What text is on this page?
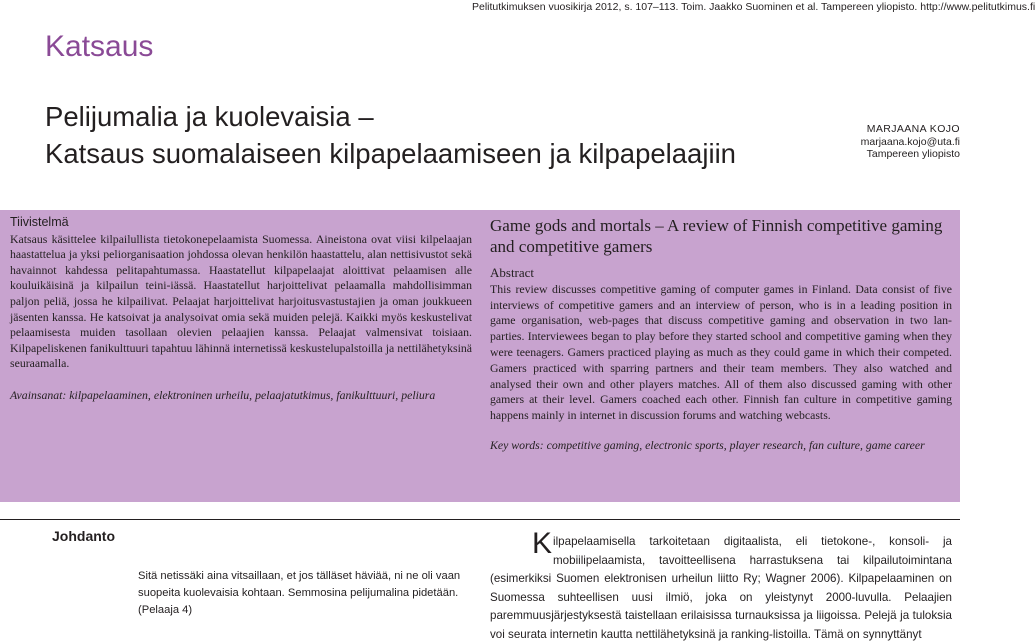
Pelitutkimuksen vuosikirja 2012, s. 107–113. Toim. Jaakko Suominen et al. Tampereen yliopisto. http://www.pelitutkimus.fi
Katsaus
Pelijumalia ja kuolevaisia –
Katsaus suomalaiseen kilpapelaamiseen ja kilpapelaajiin
MARJAANA KOJO
marjaana.kojo@uta.fi
Tampereen yliopisto
Tiivistelmä
Katsaus käsittelee kilpailullista tietokonepelaamista Suomessa. Aineistona ovat viisi kilpelaajan haastattelua ja yksi peliorganisaation johdossa olevan henkilön haastattelu, alan nettisivustot sekä havainnot kahdessa pelitapahtumassa. Haastatellut kilpapelaajat aloittivat pelaamisen alle kouluikäisinä ja kilpailun teini-iässä. Haastatellut harjoittelivat pelaamalla mahdollisimman paljon peliä, jossa he kilpailivat. Pelaajat harjoittelivat harjoitusvastustajien ja oman joukkueen jäsenten kanssa. He katsoivat ja analysoivat omia sekä muiden pelejä. Kaikki myös keskustelivat pelaamisesta muiden tasollaan olevien pelaajien kanssa. Pelaajat valmensivat toisiaan. Kilpapeliskenen fanikulttuuri tapahtuu lähinnä internetissä keskustelupalstoilla ja nettilähetyksinä seuraamalla.
Avainsanat: kilpapelaaminen, elektroninen urheilu, pelaajatutkimus, fanikulttuuri, peliura
Game gods and mortals – A review of Finnish competitive gaming and competitive gamers
Abstract
This review discusses competitive gaming of computer games in Finland. Data consist of five interviews of competitive gamers and an interview of person, who is in a leading position in game organisation, web-pages that discuss competitive gaming and observation in two lan-parties. Interviewees began to play before they started school and competitive gaming when they were teenagers. Gamers practiced playing as much as they could game in which their competed. Gamers practiced with sparring partners and their team members. They also watched and analysed their own and other players matches. All of them also discussed gaming with other gamers at their level. Gamers coached each other. Finnish fan culture in competitive gaming happens mainly in internet in discussion forums and watching webcasts.
Key words: competitive gaming, electronic sports, player research, fan culture, game career
Johdanto
Sitä netissäki aina vitsaillaan, et jos tälläset häviää, ni ne oli vaan
suopeita kuolevaisia kohtaan. Semmosina pelijumalina pidetään.
(Pelaaja 4)
Kilpapelaamisella tarkoitetaan digitaalista, eli tietokone-, konsoli- ja mobiilipelaamista, tavoitteellisena harrastuksena tai kilpailutoimintana (esimerkiksi Suomen elektronisen urheilun liitto Ry; Wagner 2006). Kilpapelaaminen on Suomessa suhteellisen uusi ilmiö, joka on yleistynyt 2000-luvulla. Pelaajien paremmuusjärjestyksestä taistellaan erilaisissa turnauksissa ja liigoissa. Pelejä ja tuloksia voi seurata internetin kautta nettilähetyksinä ja ranking-listoilla. Tämä on synnyttänyt
